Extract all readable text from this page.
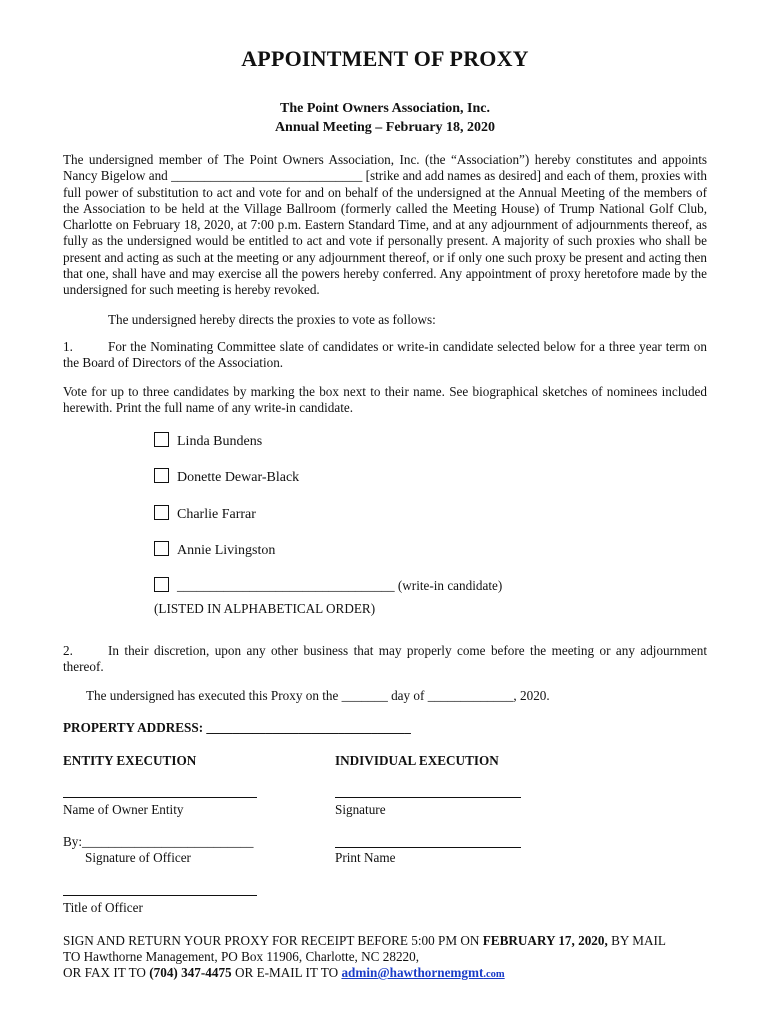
APPOINTMENT OF PROXY
The Point Owners Association, Inc.
Annual Meeting – February 18, 2020
The undersigned member of The Point Owners Association, Inc. (the “Association”) hereby constitutes and appoints Nancy Bigelow and _____________________________ [strike and add names as desired] and each of them, proxies with full power of substitution to act and vote for and on behalf of the undersigned at the Annual Meeting of the members of the Association to be held at the Village Ballroom (formerly called the Meeting House) of Trump National Golf Club, Charlotte on February 18, 2020, at 7:00 p.m. Eastern Standard Time, and at any adjournment of adjournments thereof, as fully as the undersigned would be entitled to act and vote if personally present. A majority of such proxies who shall be present and acting as such at the meeting or any adjournment thereof, or if only one such proxy be present and acting then that one, shall have and may exercise all the powers hereby conferred. Any appointment of proxy heretofore made by the undersigned for such meeting is hereby revoked.
The undersigned hereby directs the proxies to vote as follows:
1.	For the Nominating Committee slate of candidates or write-in candidate selected below for a three year term on the Board of Directors of the Association.
Vote for up to three candidates by marking the box next to their name. See biographical sketches of nominees included herewith. Print the full name of any write-in candidate.
Linda Bundens
Donette Dewar-Black
Charlie Farrar
Annie Livingston
_________________________________ (write-in candidate)
(LISTED IN ALPHABETICAL ORDER)
2.	In their discretion, upon any other business that may properly come before the meeting or any adjournment thereof.
The undersigned has executed this Proxy on the _______ day of _____________, 2020.
PROPERTY ADDRESS: _______________________________
ENTITY EXECUTION	INDIVIDUAL EXECUTION
Name of Owner Entity	Signature
By:__________________________
Signature of Officer	Print Name
Title of Officer
SIGN AND RETURN YOUR PROXY FOR RECEIPT BEFORE 5:00 PM ON FEBRUARY 17, 2020, BY MAIL
TO Hawthorne Management, PO Box 11906, Charlotte, NC 28220,
OR FAX IT TO (704) 347-4475 OR E-MAIL IT TO admin@hawthornemgmt.com
